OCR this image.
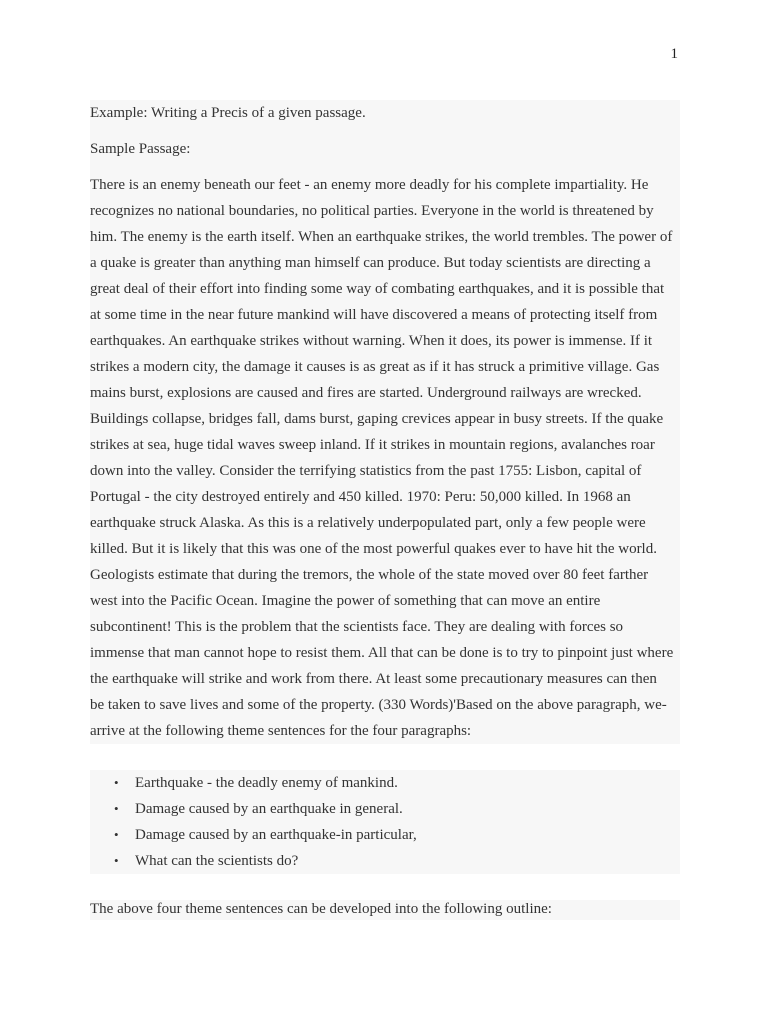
1
Example: Writing a Precis of a given passage.
Sample Passage:
There is an enemy beneath our feet - an enemy more deadly for his complete impartiality. He
recognizes no national boundaries, no political parties. Everyone in the world is threatened by
him. The enemy is the earth itself. When an earthquake strikes, the world trembles. The power of
a quake is greater than anything man himself can produce. But today scientists are directing a
great deal of their effort into finding some way of combating earthquakes, and it is possible that
at some time in the near future mankind will have discovered a means of protecting itself from
earthquakes. An earthquake strikes without warning. When it does, its power is immense. If it
strikes a modern city, the damage it causes is as great as if it has struck a primitive village. Gas
mains burst, explosions are caused and fires are started. Underground railways are wrecked.
Buildings collapse, bridges fall, dams burst, gaping crevices appear in busy streets. If the quake
strikes at sea, huge tidal waves sweep inland. If it strikes in mountain regions, avalanches roar
down into the valley. Consider the terrifying statistics from the past 1755: Lisbon, capital of
Portugal - the city destroyed entirely and 450 killed. 1970: Peru: 50,000 killed. In 1968 an
earthquake struck Alaska. As this is a relatively underpopulated part, only a few people were
killed. But it is likely that this was one of the most powerful quakes ever to have hit the world.
Geologists estimate that during the tremors, the whole of the state moved over 80 feet farther
west into the Pacific Ocean. Imagine the power of something that can move an entire
subcontinent! This is the problem that the scientists face. They are dealing with forces so
immense that man cannot hope to resist them. All that can be done is to try to pinpoint just where
the earthquake will strike and work from there. At least some precautionary measures can then
be taken to save lives and some of the property. (330 Words)'Based on the above paragraph, we-
arrive at the following theme sentences for the four paragraphs:
• Earthquake - the deadly enemy of mankind.
• Damage caused by an earthquake in general.
• Damage caused by an earthquake-in particular,
• What can the scientists do?
The above four theme sentences can be developed into the following outline:
